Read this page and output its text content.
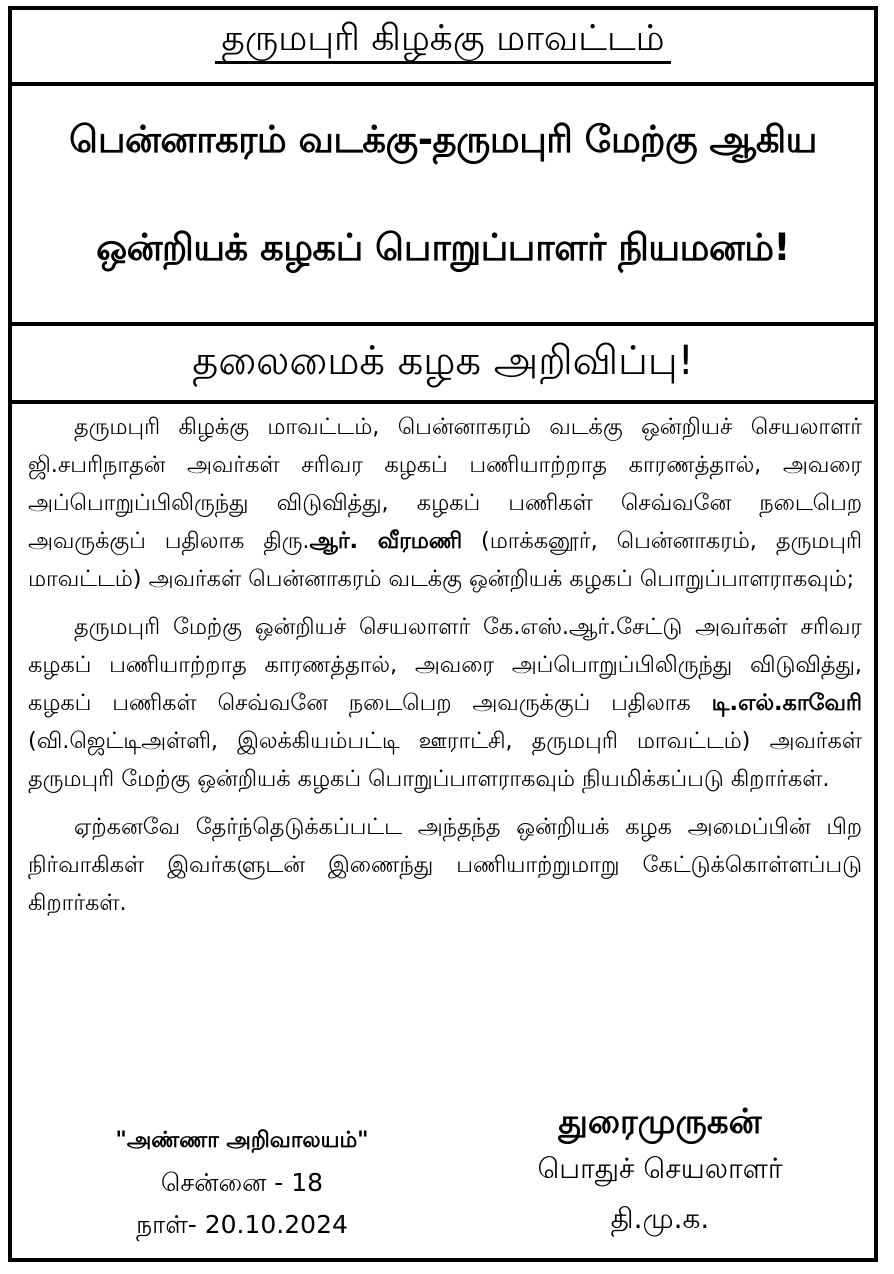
தருமபுரி கிழக்கு மாவட்டம்
பென்னாகரம் வடக்கு-தருமபுரி மேற்கு ஆகிய
ஒன்றியக் கழகப் பொறுப்பாளர் நியமனம்!
தலைமைக் கழக அறிவிப்பு!

தருமபுரி கிழக்கு மாவட்டம், பென்னாகரம் வடக்கு ஒன்றியச் செயலாளர் ஜி.சபரிநாதன் அவர்கள் சரிவர கழகப் பணியாற்றாத காரணத்தால், அவரை அப்பொறுப்பிலிருந்து விடுவித்து, கழகப் பணிகள் செவ்வனே நடைபெற அவருக்குப் பதிலாக திரு.ஆர். வீரமணி (மாக்கனூர், பென்னாகரம், தருமபுரி மாவட்டம்) அவர்கள் பென்னாகரம் வடக்கு ஒன்றியக் கழகப் பொறுப்பாளராகவும்;

தருமபுரி மேற்கு ஒன்றியச் செயலாளர் கே.எஸ்.ஆர்.சேட்டு அவர்கள் சரிவர கழகப் பணியாற்றாத காரணத்தால், அவரை அப்பொறுப்பிலிருந்து விடுவித்து, கழகப் பணிகள் செவ்வனே நடைபெற அவருக்குப் பதிலாக டி.எல்.காவேரி (வி.ஜெட்டிஅள்ளி, இலக்கியம்பட்டி ஊராட்சி, தருமபுரி மாவட்டம்) அவர்கள் தருமபுரி மேற்கு ஒன்றியக் கழகப் பொறுப்பாளராகவும் நியமிக்கப்படு கிறார்கள்.

ஏற்கனவே தேர்ந்தெடுக்கப்பட்ட அந்தந்த ஒன்றியக் கழக அமைப்பின் பிற நிர்வாகிகள் இவர்களுடன் இணைந்து பணியாற்றுமாறு கேட்டுக்கொள்ளப்படு கிறார்கள்.

"அண்ணா அறிவாலயம்"
சென்னை - 18
நாள்- 20.10.2024
துரைமுருகன்
பொதுச் செயலாளர்
தி.மு.க.
